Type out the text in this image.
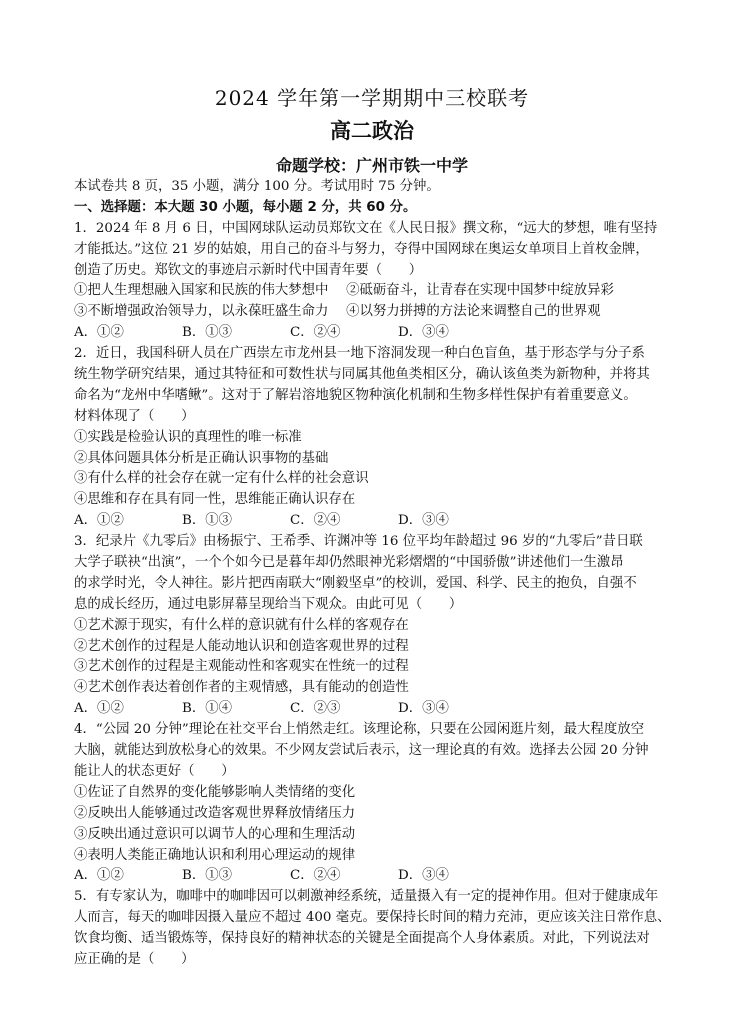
2024 学年第一学期期中三校联考
高二政治
命题学校：广州市铁一中学
本试卷共 8 页，35 小题，满分 100 分。考试用时 75 分钟。
一、选择题：本大题 30 小题，每小题 2 分，共 60 分。
1．2024 年 8 月 6 日，中国网球队运动员郑钦文在《人民日报》撰文称，“远大的梦想，唯有坚持
才能抵达。”这位 21 岁的姑娘，用自己的奋斗与努力，夺得中国网球在奥运女单项目上首枚金牌，
创造了历史。郑钦文的事迹启示新时代中国青年要（　　）
①把人生理想融入国家和民族的伟大梦想中　 ②砥砺奋斗，让青春在实现中国梦中绽放异彩
③不断增强政治领导力，以永葆旺盛生命力　 ④以努力拼搏的方法论来调整自己的世界观
A．①②	B．①③	C．②④	D．③④
2．近日，我国科研人员在广西崇左市龙州县一地下溶洞发现一种白色盲鱼，基于形态学与分子系
统生物学研究结果，通过其特征和可数性状与同属其他鱼类相区分，确认该鱼类为新物种，并将其
命名为“龙州中华嗜鳅”。这对于了解岩溶地貌区物种演化机制和生物多样性保护有着重要意义。
材料体现了（　　）
①实践是检验认识的真理性的唯一标准
②具体问题具体分析是正确认识事物的基础
③有什么样的社会存在就一定有什么样的社会意识
④思维和存在具有同一性，思维能正确认识存在
A．①②	B．①③	C．②④	D．③④
3．纪录片《九零后》由杨振宁、王希季、许渊冲等 16 位平均年龄超过 96 岁的“九零后”昔日联
大学子联袂“出演”，一个个如今已是暮年却仍然眼神光彩熠熠的“中国骄傲”讲述他们一生激昂
的求学时光，令人神往。影片把西南联大“刚毅坚卓”的校训，爱国、科学、民主的抱负，自强不
息的成长经历，通过电影屏幕呈现给当下观众。由此可见（　　）
①艺术源于现实，有什么样的意识就有什么样的客观存在
②艺术创作的过程是人能动地认识和创造客观世界的过程
③艺术创作的过程是主观能动性和客观实在性统一的过程
④艺术创作表达着创作者的主观情感，具有能动的创造性
A．①②	B．①④	C．②③	D．③④
4．“公园 20 分钟”理论在社交平台上悄然走红。该理论称，只要在公园闲逛片刻，最大程度放空
大脑，就能达到放松身心的效果。不少网友尝试后表示，这一理论真的有效。选择去公园 20 分钟
能让人的状态更好（　　）
①佐证了自然界的变化能够影响人类情绪的变化
②反映出人能够通过改造客观世界释放情绪压力
③反映出通过意识可以调节人的心理和生理活动
④表明人类能正确地认识和利用心理运动的规律
A．①②	B．①③	C．②④	D．③④
5．有专家认为，咖啡中的咖啡因可以刺激神经系统，适量摄入有一定的提神作用。但对于健康成年
人而言，每天的咖啡因摄入量应不超过 400 毫克。要保持长时间的精力充沛，更应该关注日常作息、
饮食均衡、适当锻炼等，保持良好的精神状态的关键是全面提高个人身体素质。对此，下列说法对
应正确的是（　　）
